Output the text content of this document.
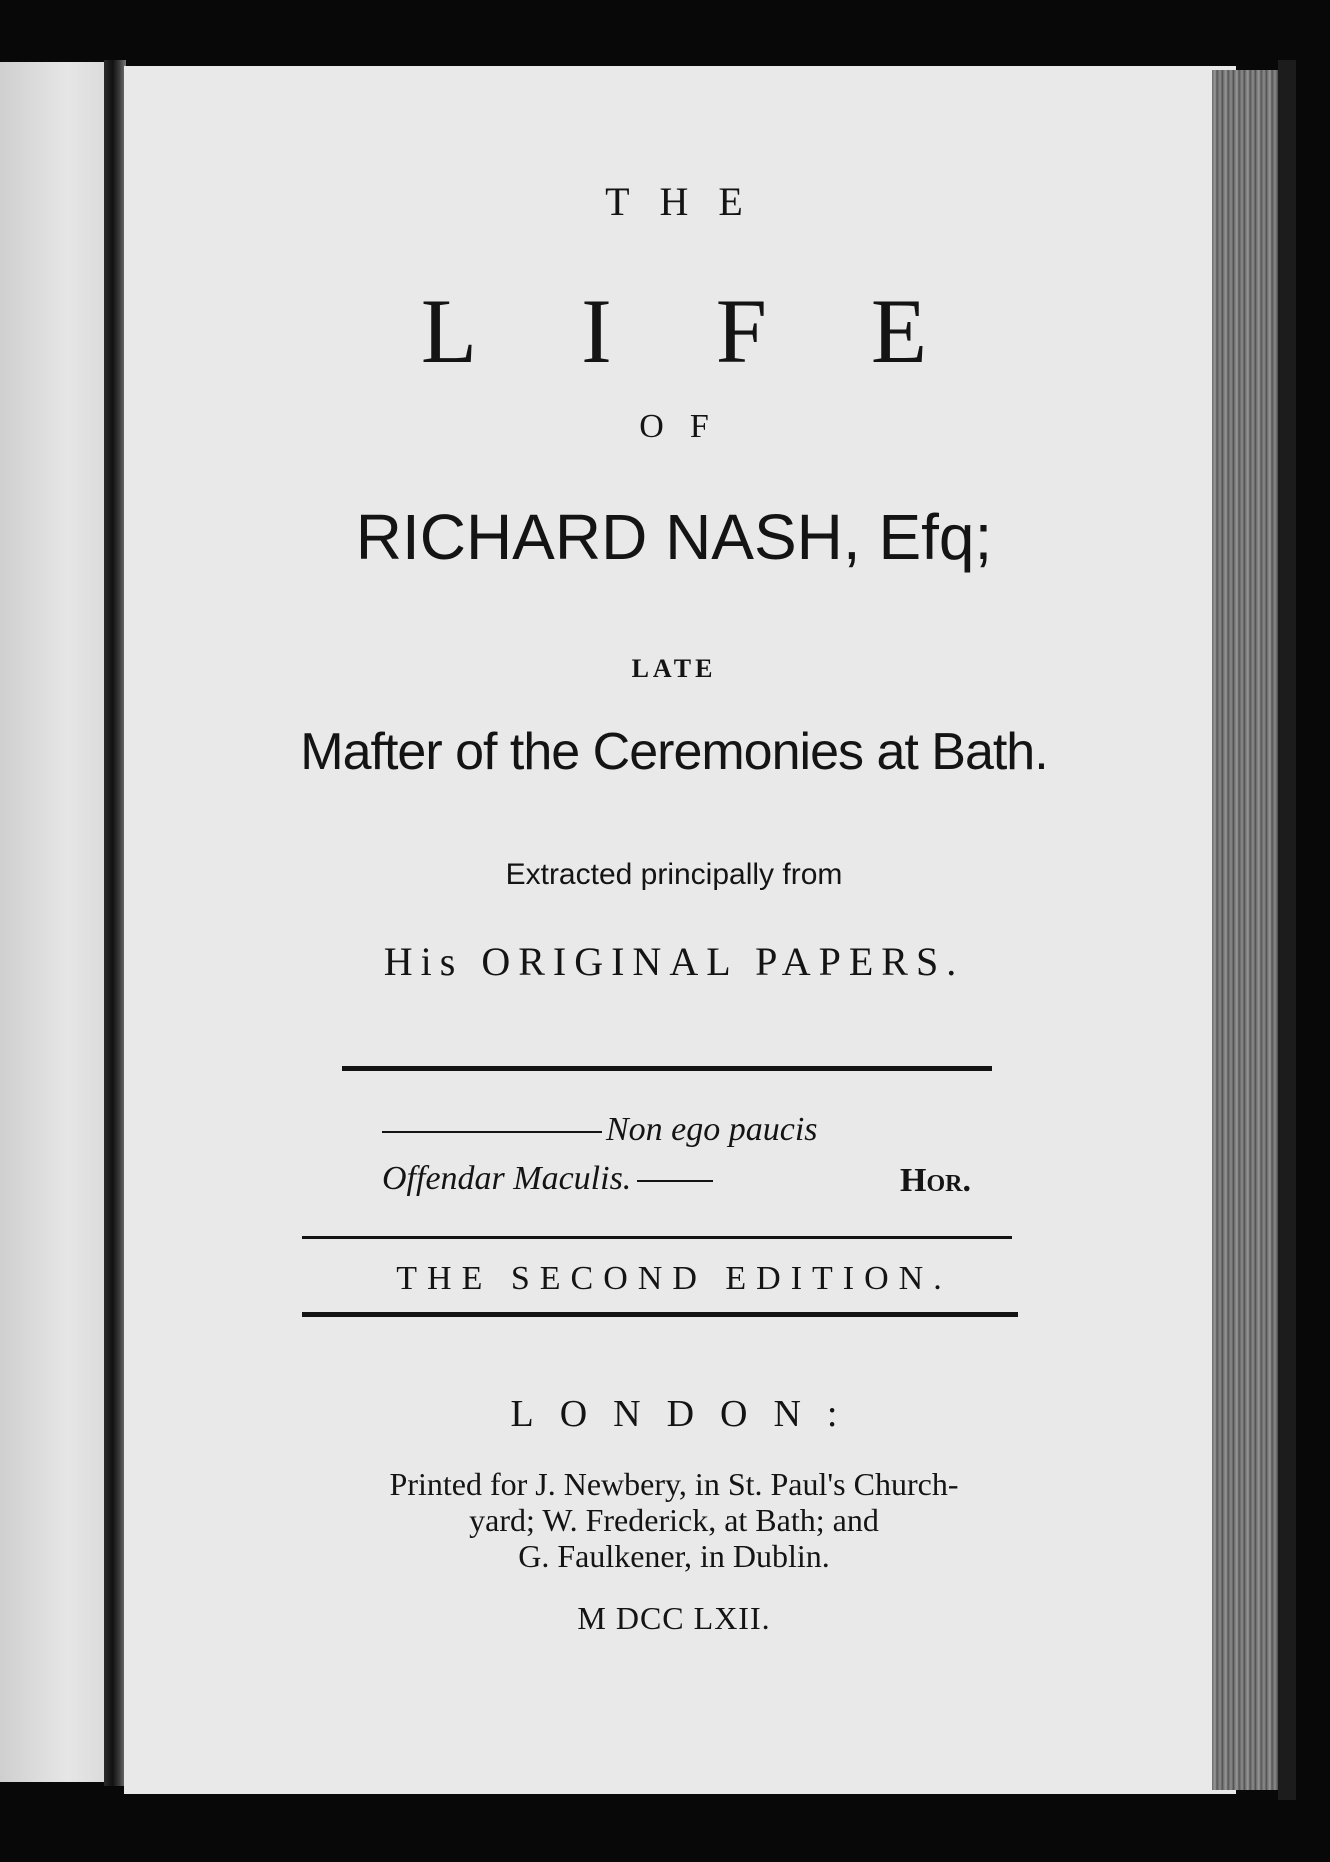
THE
LIFE
OF
RICHARD NASH, Efq;
LATE
Mafter of the Ceremonies at Bath.
Extracted principally from
His ORIGINAL PAPERS.
Non ego paucis
Offendar Maculis.	Hor.
THE SECOND EDITION.
LONDON:
Printed for J. Newbery, in St. Paul's Church-
yard; W. Frederick, at Bath; and
G. Faulkener, in Dublin.
M DCC LXII.
